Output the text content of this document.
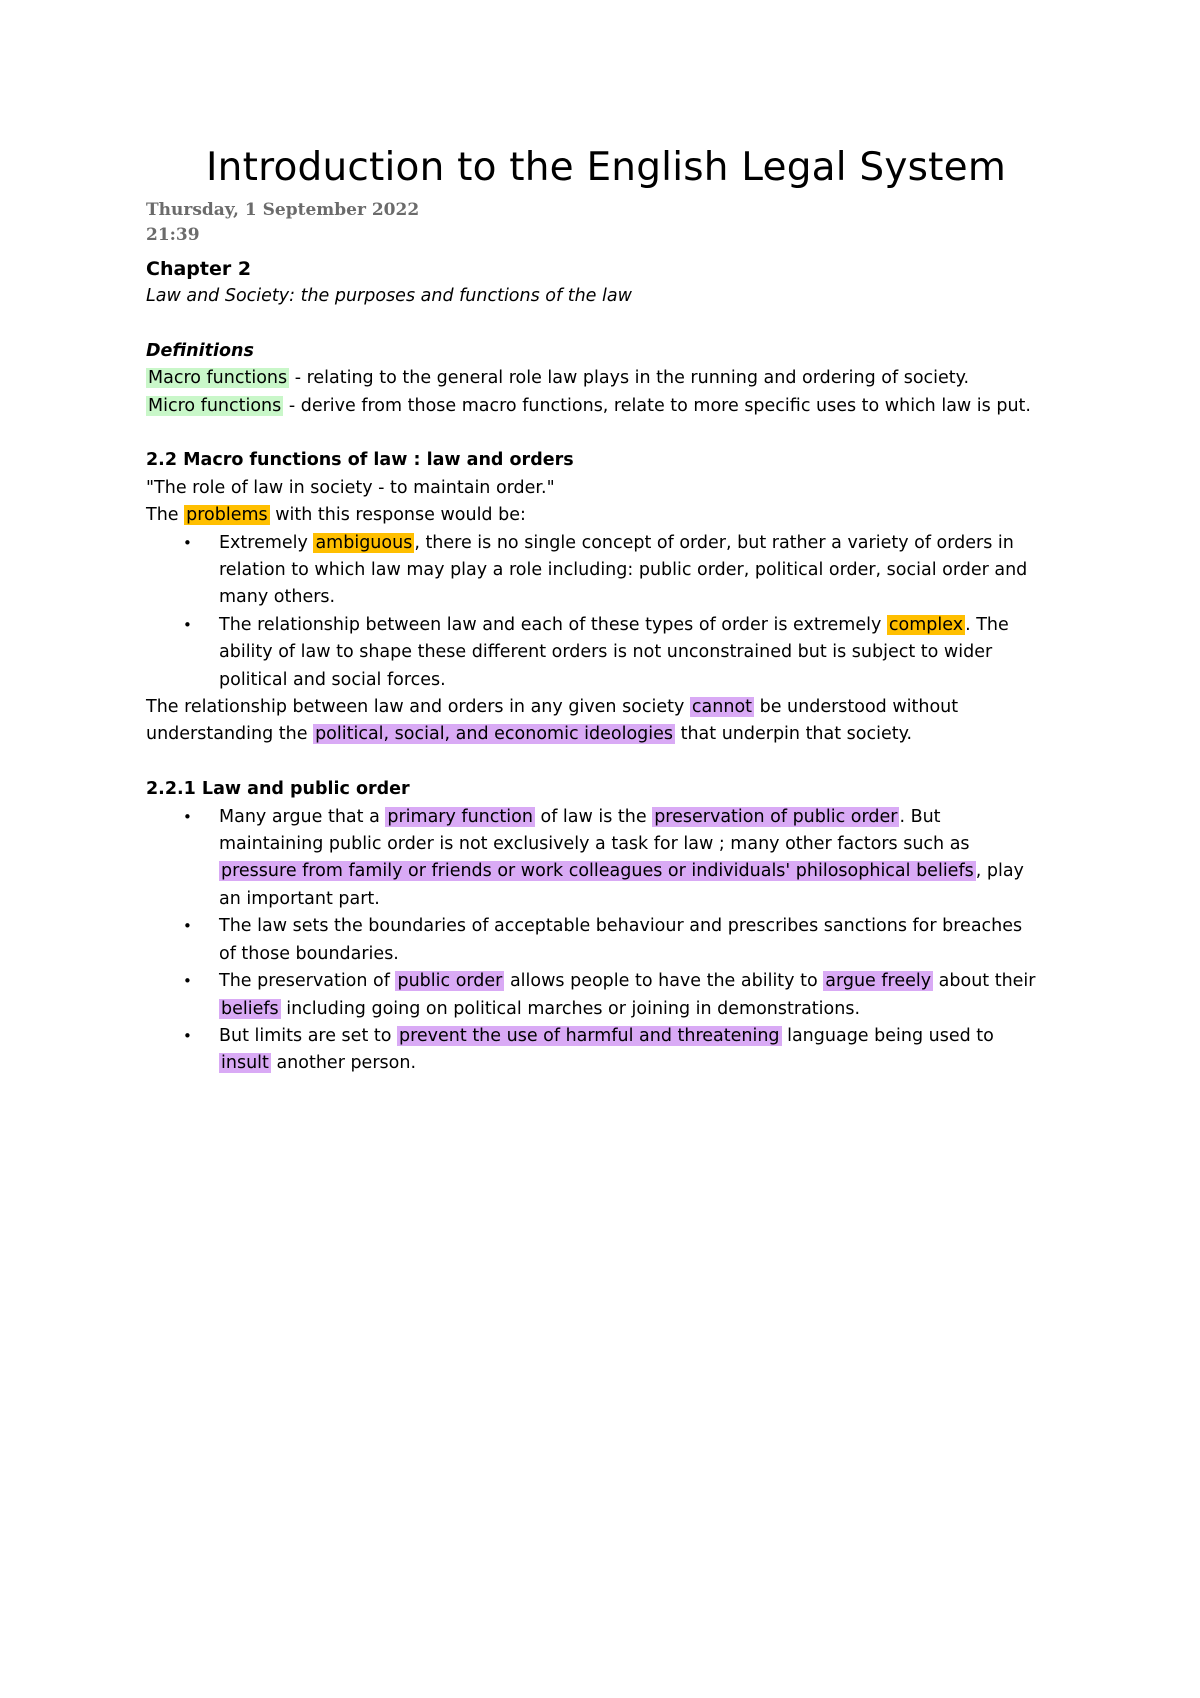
Introduction to the English Legal System
Thursday, 1 September 2022
21:39
Chapter 2
Law and Society: the purposes and functions of the law
Definitions
Macro functions - relating to the general role law plays in the running and ordering of society.
Micro functions - derive from those macro functions, relate to more specific uses to which law is put.
2.2 Macro functions of law : law and orders
"The role of law in society - to maintain order."
The problems with this response would be:
• Extremely ambiguous , there is no single concept of order, but rather a variety of orders in
relation to which law may play a role including: public order, political order, social order and
many others.
• The relationship between law and each of these types of order is extremely complex . The
ability of law to shape these different orders is not unconstrained but is subject to wider
political and social forces.
The relationship between law and orders in any given society cannot be understood without
understanding the political, social, and economic ideologies that underpin that society.
2.2.1 Law and public order
• Many argue that a primary function of law is the preservation of public order . But
maintaining public order is not exclusively a task for law ; many other factors such as
pressure from family or friends or work colleagues or individuals' philosophical beliefs , play
an important part.
• The law sets the boundaries of acceptable behaviour and prescribes sanctions for breaches
of those boundaries.
• The preservation of public order allows people to have the ability to argue freely about their
beliefs including going on political marches or joining in demonstrations.
• But limits are set to prevent the use of harmful and threatening language being used to
insult another person.
